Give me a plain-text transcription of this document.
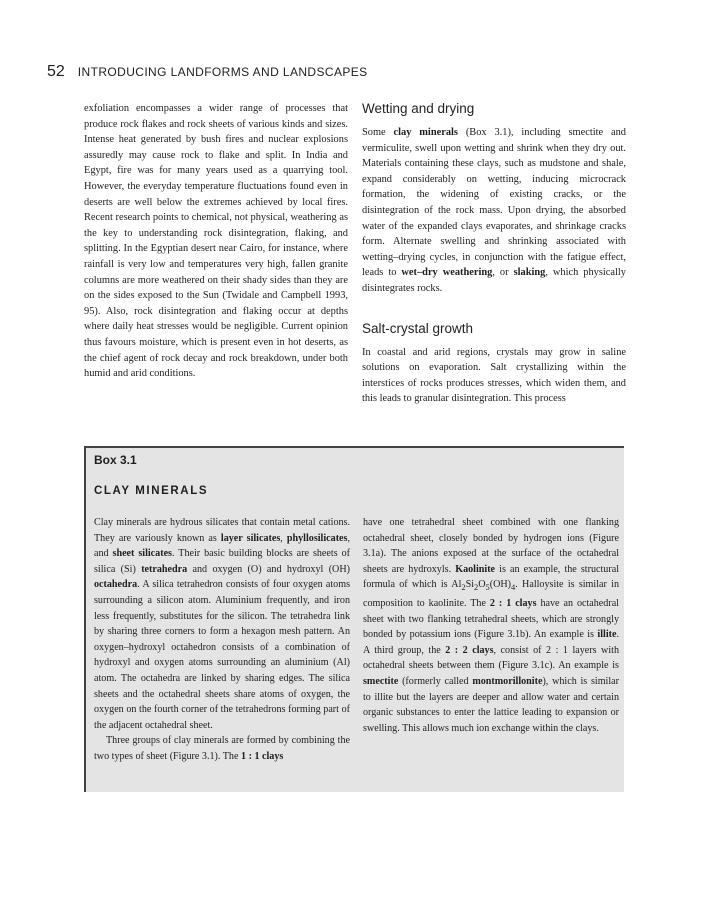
52 INTRODUCING LANDFORMS AND LANDSCAPES

exfoliation encompasses a wider range of processes that produce rock flakes and rock sheets of various kinds and sizes. Intense heat generated by bush fires and nuclear explosions assuredly may cause rock to flake and split. In India and Egypt, fire was for many years used as a quarrying tool. However, the everyday temperature fluctuations found even in deserts are well below the extremes achieved by local fires. Recent research points to chemical, not physical, weathering as the key to understanding rock disintegration, flaking, and splitting. In the Egyptian desert near Cairo, for instance, where rainfall is very low and temperatures very high, fallen granite columns are more weathered on their shady sides than they are on the sides exposed to the Sun (Twidale and Campbell 1993, 95). Also, rock disintegration and flaking occur at depths where daily heat stresses would be negligible. Current opinion thus favours moisture, which is present even in hot deserts, as the chief agent of rock decay and rock breakdown, under both humid and arid conditions.

Wetting and drying

Some clay minerals (Box 3.1), including smectite and vermiculite, swell upon wetting and shrink when they dry out. Materials containing these clays, such as mudstone and shale, expand considerably on wetting, inducing microcrack formation, the widening of existing cracks, or the disintegration of the rock mass. Upon drying, the absorbed water of the expanded clays evaporates, and shrinkage cracks form. Alternate swelling and shrinking associated with wetting–drying cycles, in conjunction with the fatigue effect, leads to wet–dry weathering, or slaking, which physically disintegrates rocks.

Salt-crystal growth

In coastal and arid regions, crystals may grow in saline solutions on evaporation. Salt crystallizing within the interstices of rocks produces stresses, which widen them, and this leads to granular disintegration. This process

Box 3.1
CLAY MINERALS

Clay minerals are hydrous silicates that contain metal cations. They are variously known as layer silicates, phyllosilicates, and sheet silicates. Their basic building blocks are sheets of silica (Si) tetrahedra and oxygen (O) and hydroxyl (OH) octahedra. A silica tetrahedron consists of four oxygen atoms surrounding a silicon atom. Aluminium frequently, and iron less frequently, substitutes for the silicon. The tetrahedra link by sharing three corners to form a hexagon mesh pattern. An oxygen–hydroxyl octahedron consists of a combination of hydroxyl and oxygen atoms surrounding an aluminium (Al) atom. The octahedra are linked by sharing edges. The silica sheets and the octahedral sheets share atoms of oxygen, the oxygen on the fourth corner of the tetrahedrons forming part of the adjacent octahedral sheet.

Three groups of clay minerals are formed by combining the two types of sheet (Figure 3.1). The 1 : 1 clays

have one tetrahedral sheet combined with one flanking octahedral sheet, closely bonded by hydrogen ions (Figure 3.1a). The anions exposed at the surface of the octahedral sheets are hydroxyls. Kaolinite is an example, the structural formula of which is $Al_2Si_2O_5(OH)_4$. Halloysite is similar in composition to kaolinite. The 2 : 1 clays have an octahedral sheet with two flanking tetrahedral sheets, which are strongly bonded by potassium ions (Figure 3.1b). An example is illite. A third group, the 2 : 2 clays, consist of 2 : 1 layers with octahedral sheets between them (Figure 3.1c). An example is smectite (formerly called montmorillonite), which is similar to illite but the layers are deeper and allow water and certain organic substances to enter the lattice leading to expansion or swelling. This allows much ion exchange within the clays.
